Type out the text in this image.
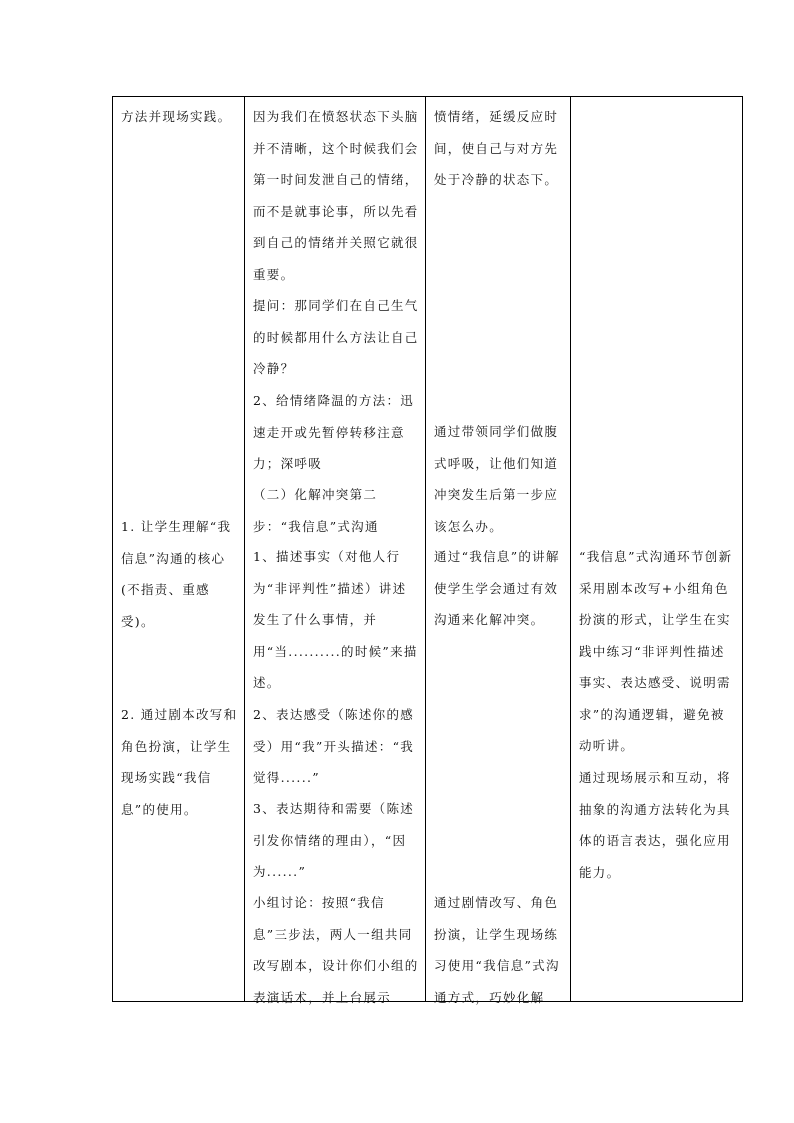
方法并现场实践。
1. 让学生理解“我信息”沟通的核心(不指责、重感受)。
2. 通过剧本改写和角色扮演，让学生现场实践“我信息”的使用。

因为我们在愤怒状态下头脑并不清晰，这个时候我们会第一时间发泄自己的情绪，而不是就事论事，所以先看到自己的情绪并关照它就很重要。
提问：那同学们在自己生气的时候都用什么方法让自己冷静？
2、给情绪降温的方法：迅速走开或先暂停转移注意力；深呼吸
（二）化解冲突第二步：“我信息”式沟通
1、描述事实（对他人行为“非评判性”描述）讲述发生了什么事情，并用“当..........的时候”来描述。
2、表达感受（陈述你的感受）用“我”开头描述：“我觉得......”
3、表达期待和需要（陈述引发你情绪的理由），“因为......”
小组讨论：按照“我信息”三步法，两人一组共同改写剧本，设计你们小组的表演话术，并上台展示

愤情绪，延缓反应时间，使自己与对方先处于冷静的状态下。
通过带领同学们做腹式呼吸，让他们知道冲突发生后第一步应该怎么办。
通过“我信息”的讲解使学生学会通过有效沟通来化解冲突。
通过剧情改写、角色扮演，让学生现场练习使用“我信息”式沟通方式，巧妙化解

“我信息”式沟通环节创新采用剧本改写+小组角色扮演的形式，让学生在实践中练习“非评判性描述事实、表达感受、说明需求”的沟通逻辑，避免被动听讲。
通过现场展示和互动，将抽象的沟通方法转化为具体的语言表达，强化应用能力。
